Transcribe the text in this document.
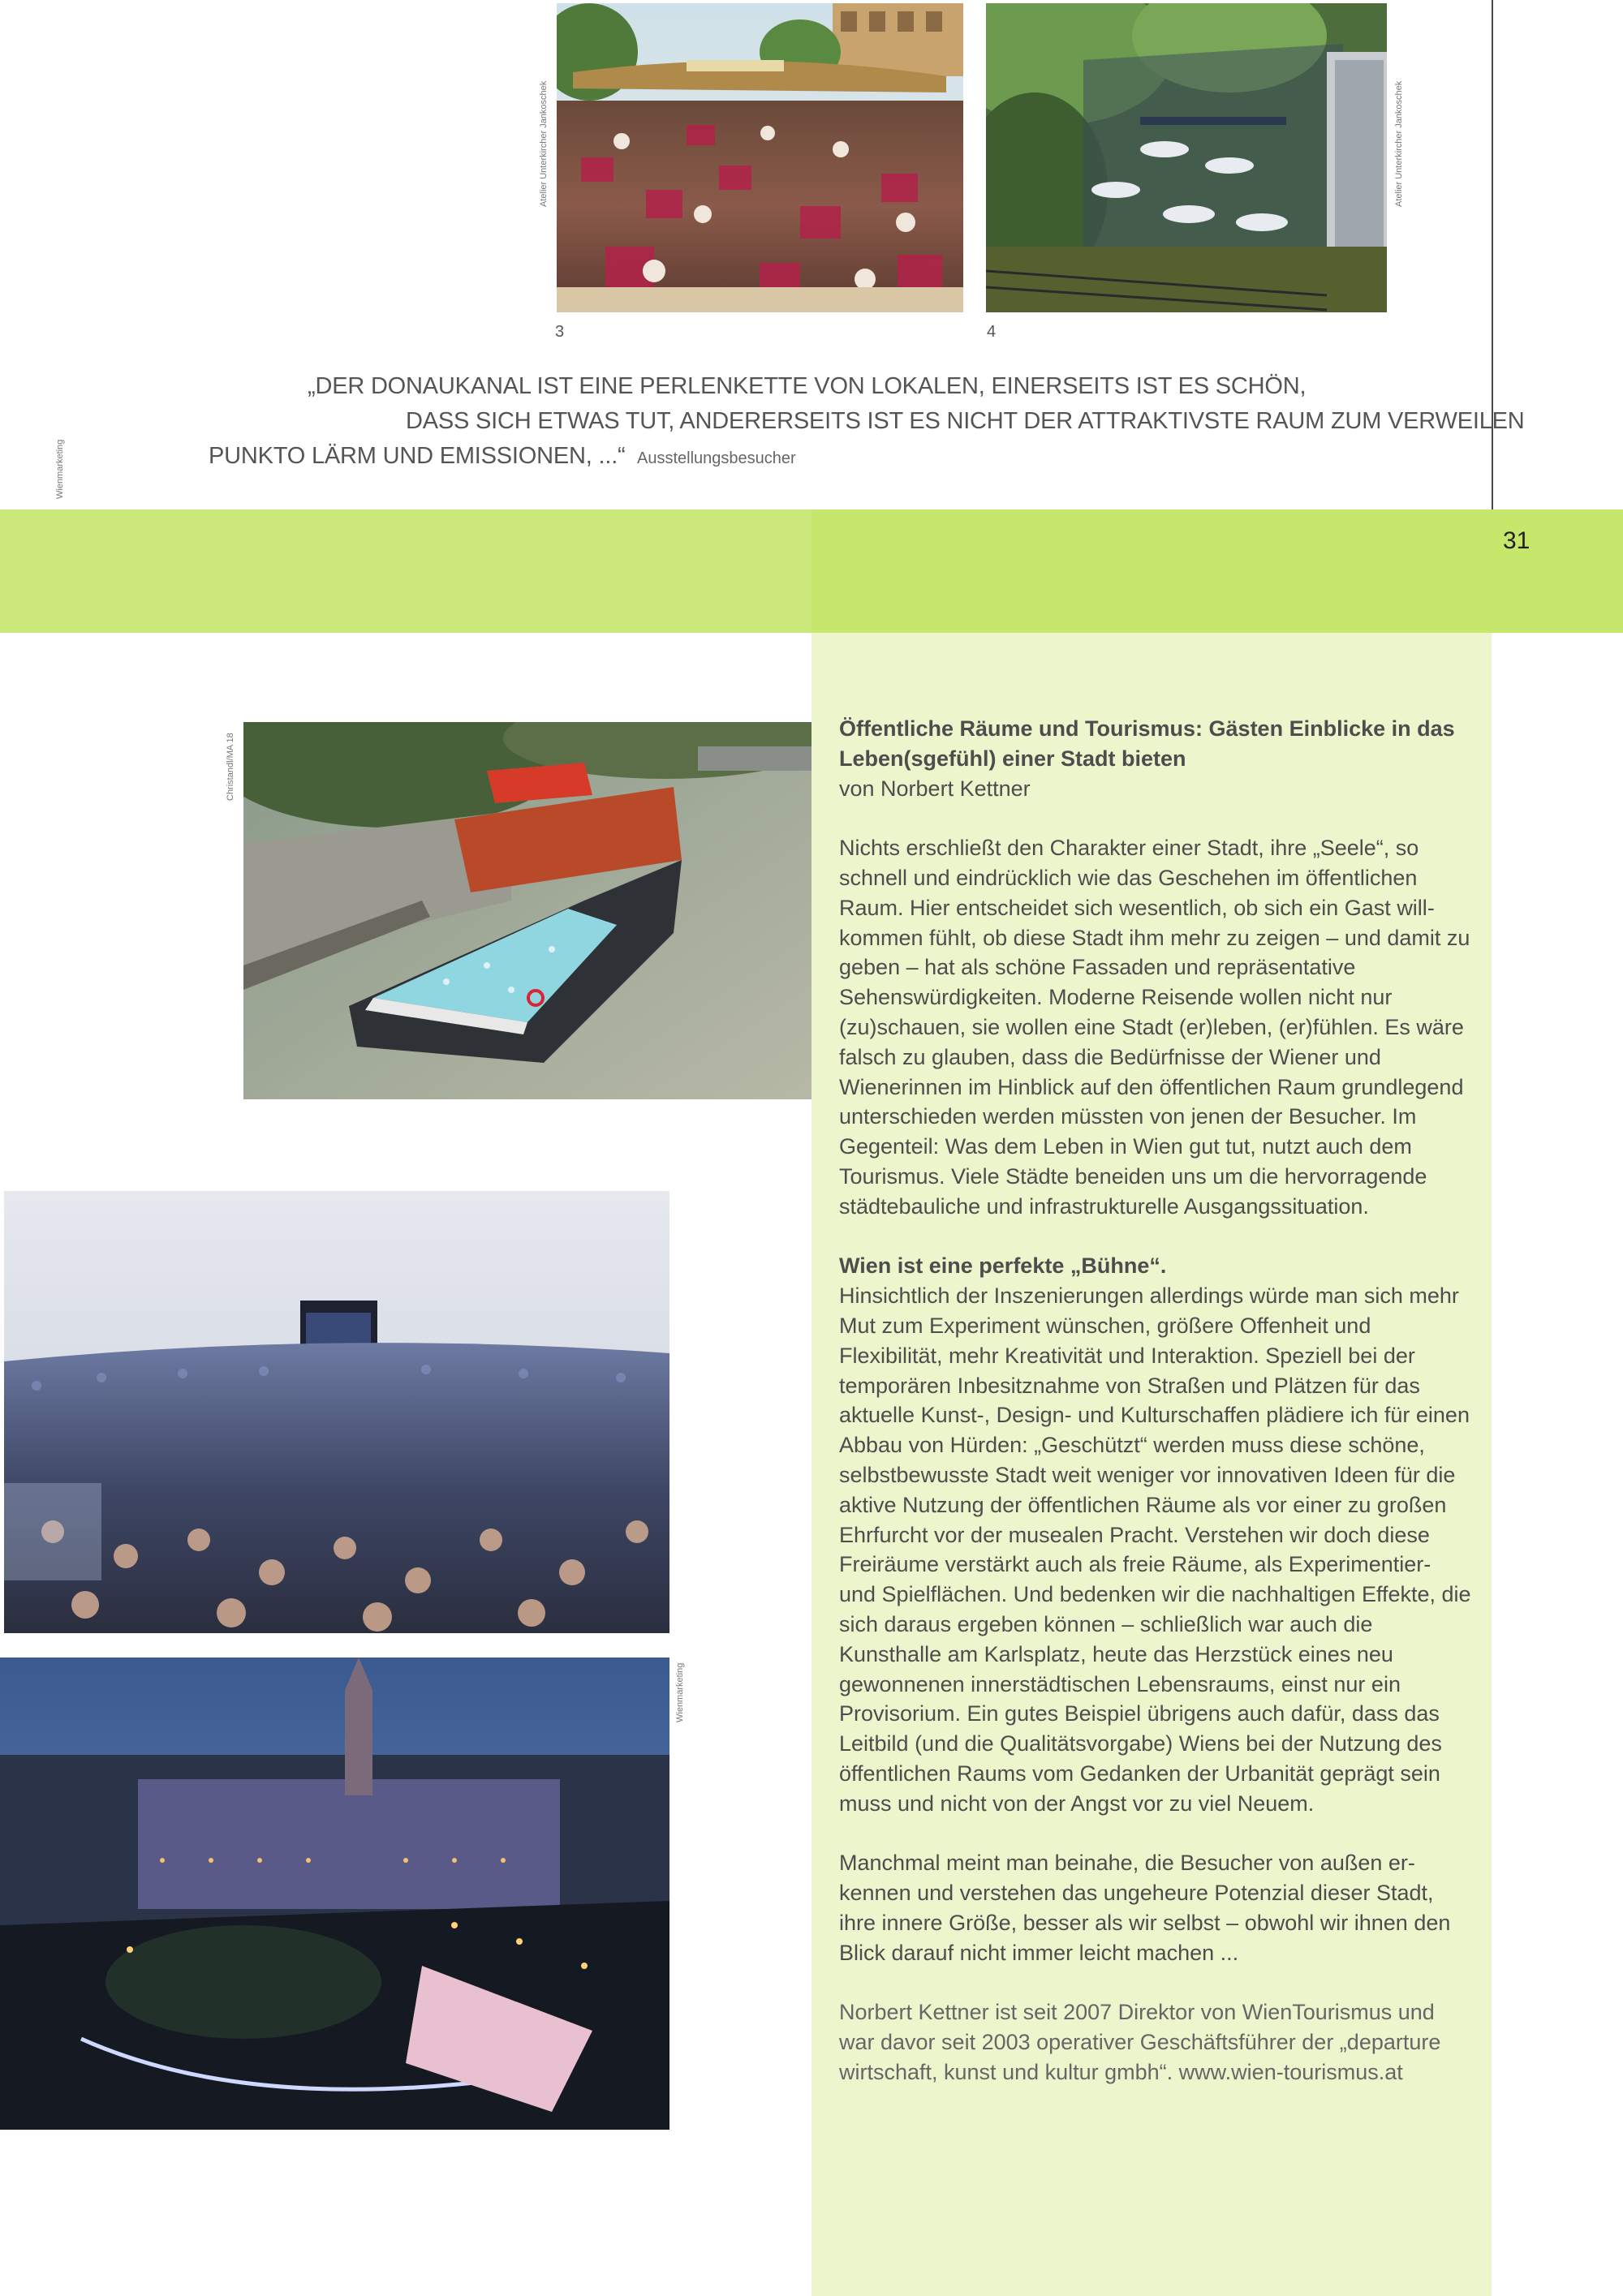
31
Atelier Unterkircher Jankoschek
3
Atelier Unterkircher Jankoschek
4
Wienmarketing
„DER DONAUKANAL IST EINE PERLENKETTE VON LOKALEN, EINERSEITS IST ES SCHÖN,
DASS SICH ETWAS TUT, ANDERERSEITS IST ES NICHT DER ATTRAKTIVSTE RAUM ZUM VERWEILEN
PUNKTO LÄRM UND EMISSIONEN, ...“ Ausstellungsbesucher
Christandl/MA 18
Wienmarketing
Öffentliche Räume und Tourismus: Gästen Einblicke in das Leben(sgefühl) einer Stadt bieten
von Norbert Kettner

Nichts erschließt den Charakter einer Stadt, ihre „Seele“, so schnell und eindrücklich wie das Geschehen im öffentlichen Raum. Hier entscheidet sich wesentlich, ob sich ein Gast willkommen fühlt, ob diese Stadt ihm mehr zu zeigen – und damit zu geben – hat als schöne Fassaden und repräsentative Sehenswürdigkeiten. Moderne Reisende wollen nicht nur (zu)schauen, sie wollen eine Stadt (er)leben, (er)fühlen. Es wäre falsch zu glauben, dass die Bedürfnisse der Wiener und Wienerinnen im Hinblick auf den öffentlichen Raum grundlegend unterschieden werden müssten von jenen der Besucher. Im Gegenteil: Was dem Leben in Wien gut tut, nutzt auch dem Tourismus. Viele Städte beneiden uns um die hervorragende städtebauliche und infrastrukturelle Ausgangssituation.

Wien ist eine perfekte „Bühne“.

Hinsichtlich der Inszenierungen allerdings würde man sich mehr Mut zum Experiment wünschen, größere Offenheit und Flexibilität, mehr Kreativität und Interaktion. Speziell bei der temporären Inbesitznahme von Straßen und Plätzen für das aktuelle Kunst-, Design- und Kulturschaffen plädiere ich für einen Abbau von Hürden: „Geschützt“ werden muss diese schöne, selbstbewusste Stadt weit weniger vor innovativen Ideen für die aktive Nutzung der öffentlichen Räume als vor einer zu großen Ehrfurcht vor der musealen Pracht. Verstehen wir doch diese Freiräume verstärkt auch als freie Räume, als Experimentier- und Spielflächen. Und bedenken wir die nachhaltigen Effekte, die sich daraus ergeben können – schließlich war auch die Kunsthalle am Karlsplatz, heute das Herzstück eines neu gewonnenen innerstädtischen Lebensraums, einst nur ein Provisorium. Ein gutes Beispiel übrigens auch dafür, dass das Leitbild (und die Qualitätsvorgabe) Wiens bei der Nutzung des öffentlichen Raums vom Gedanken der Urbanität geprägt sein muss und nicht von der Angst vor zu viel Neuem.

Manchmal meint man beinahe, die Besucher von außen erkennen und verstehen das ungeheure Potenzial dieser Stadt, ihre innere Größe, besser als wir selbst – obwohl wir ihnen den Blick darauf nicht immer leicht machen ...

Norbert Kettner ist seit 2007 Direktor von WienTourismus und war davor seit 2003 operativer Geschäftsführer der „departure wirtschaft, kunst und kultur gmbh“. www.wien-tourismus.at
